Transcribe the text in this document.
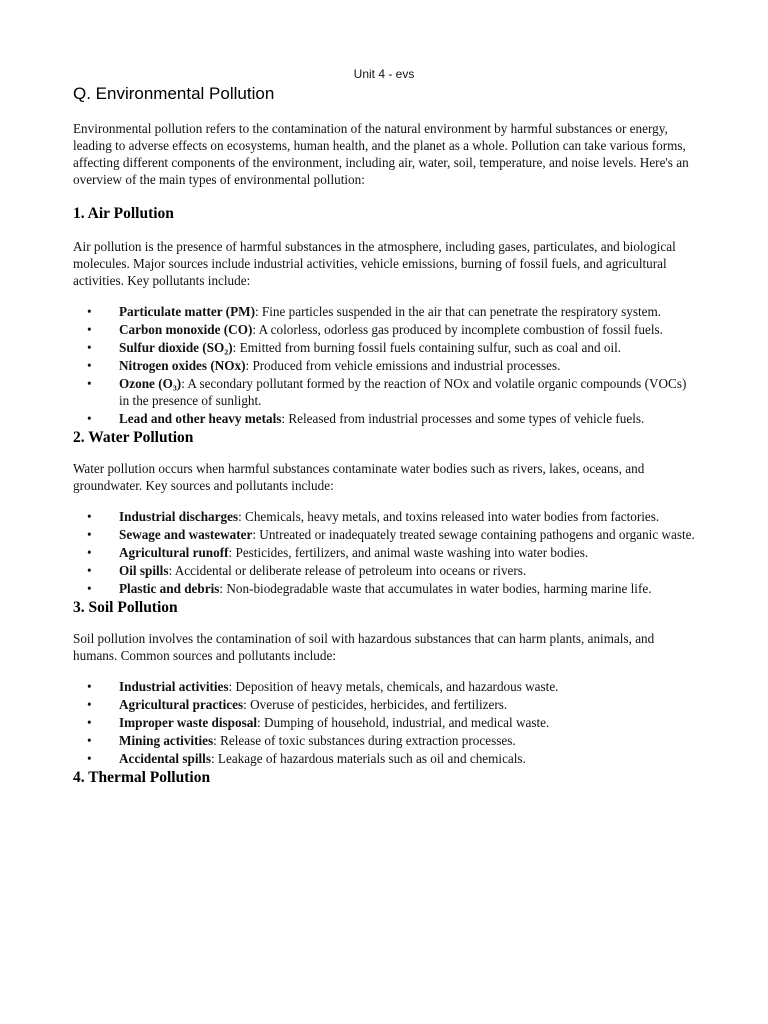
Unit 4 - evs
Q. Environmental Pollution

Environmental pollution refers to the contamination of the natural environment by harmful substances or energy, leading to adverse effects on ecosystems, human health, and the planet as a whole. Pollution can take various forms, affecting different components of the environment, including air, water, soil, temperature, and noise levels. Here's an overview of the main types of environmental pollution:

1. Air Pollution

Air pollution is the presence of harmful substances in the atmosphere, including gases, particulates, and biological molecules. Major sources include industrial activities, vehicle emissions, burning of fossil fuels, and agricultural activities. Key pollutants include:

• Particulate matter (PM): Fine particles suspended in the air that can penetrate the respiratory system.
• Carbon monoxide (CO): A colorless, odorless gas produced by incomplete combustion of fossil fuels.
• Sulfur dioxide (SO₂): Emitted from burning fossil fuels containing sulfur, such as coal and oil.
• Nitrogen oxides (NOx): Produced from vehicle emissions and industrial processes.
• Ozone (O₃): A secondary pollutant formed by the reaction of NOx and volatile organic compounds (VOCs) in the presence of sunlight.
• Lead and other heavy metals: Released from industrial processes and some types of vehicle fuels.
2. Water Pollution

Water pollution occurs when harmful substances contaminate water bodies such as rivers, lakes, oceans, and groundwater. Key sources and pollutants include:

• Industrial discharges: Chemicals, heavy metals, and toxins released into water bodies from factories.
• Sewage and wastewater: Untreated or inadequately treated sewage containing pathogens and organic waste.
• Agricultural runoff: Pesticides, fertilizers, and animal waste washing into water bodies.
• Oil spills: Accidental or deliberate release of petroleum into oceans or rivers.
• Plastic and debris: Non-biodegradable waste that accumulates in water bodies, harming marine life.
3. Soil Pollution

Soil pollution involves the contamination of soil with hazardous substances that can harm plants, animals, and humans. Common sources and pollutants include:

• Industrial activities: Deposition of heavy metals, chemicals, and hazardous waste.
• Agricultural practices: Overuse of pesticides, herbicides, and fertilizers.
• Improper waste disposal: Dumping of household, industrial, and medical waste.
• Mining activities: Release of toxic substances during extraction processes.
• Accidental spills: Leakage of hazardous materials such as oil and chemicals.
4. Thermal Pollution
